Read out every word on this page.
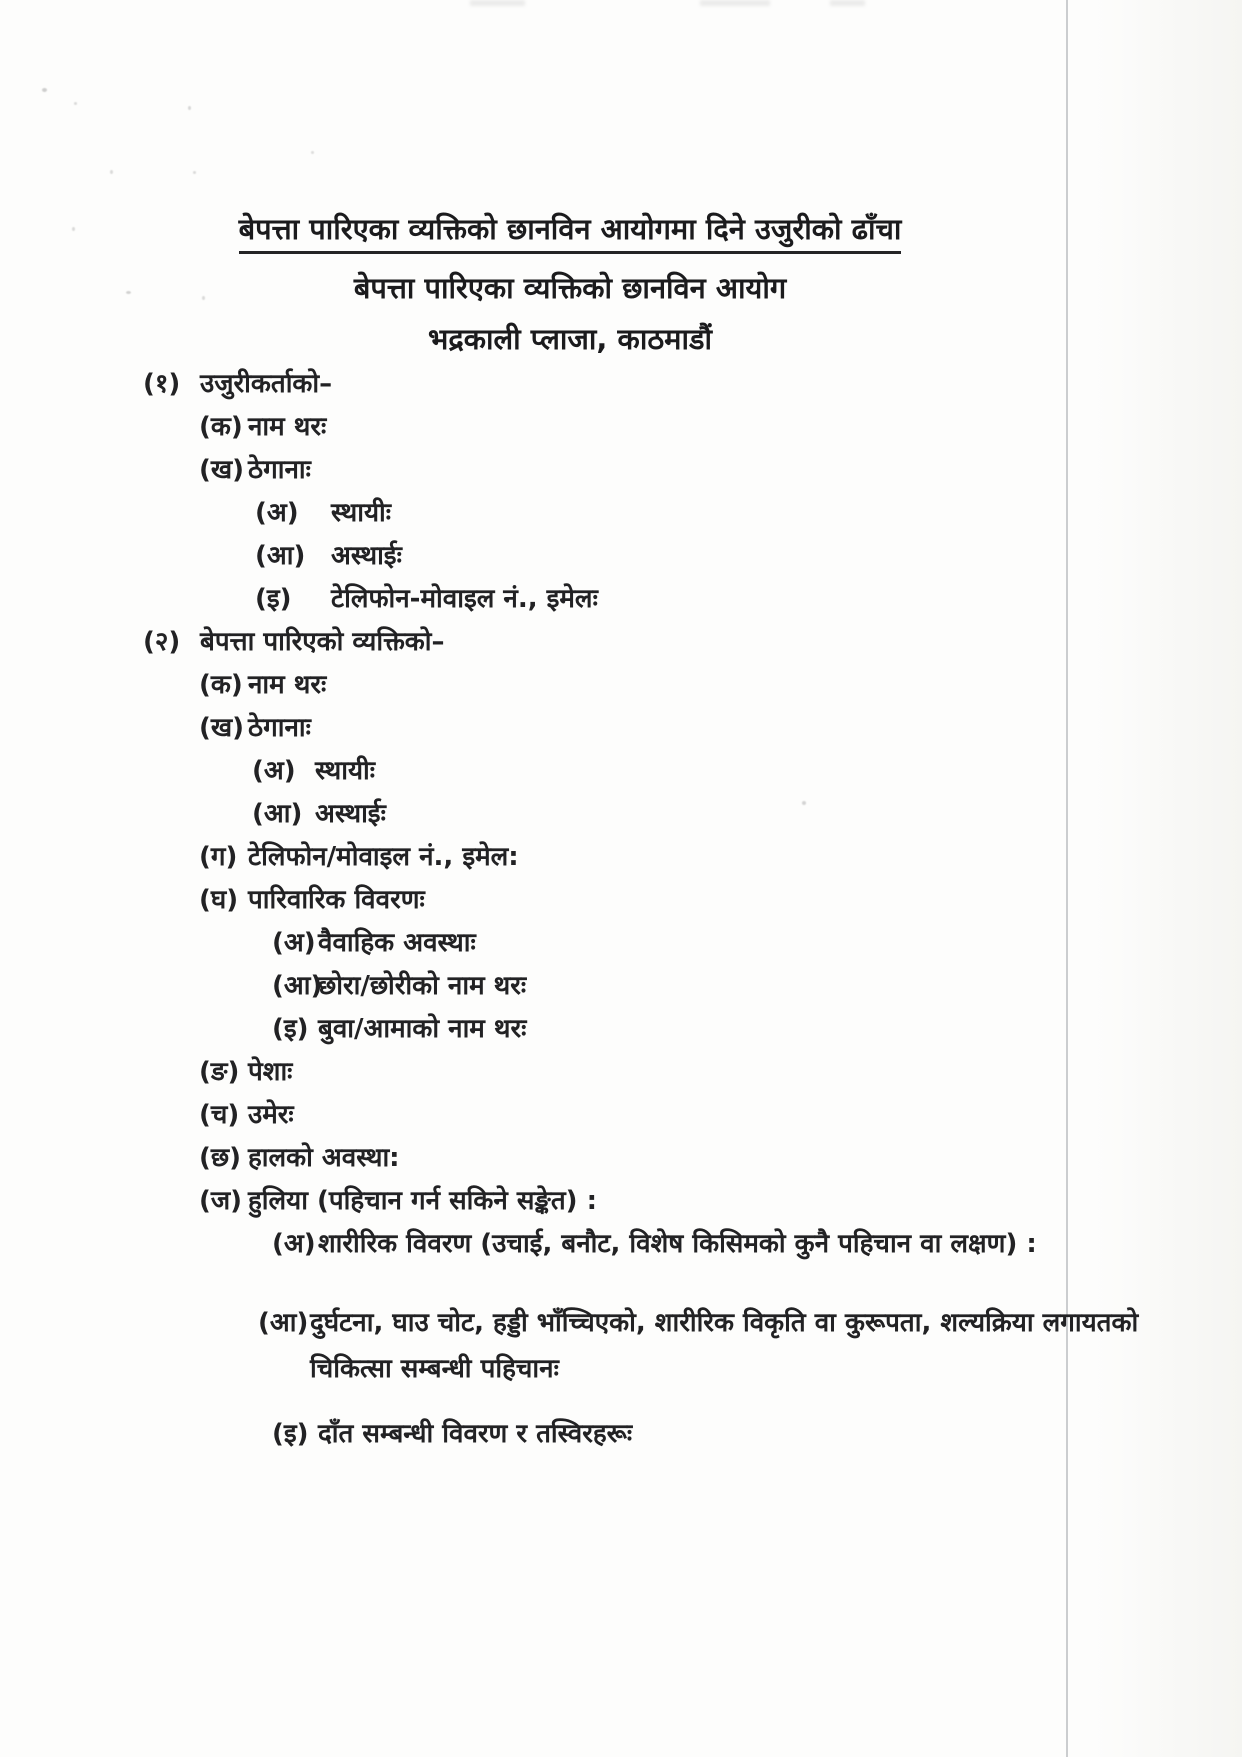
बेपत्ता पारिएका व्यक्तिको छानविन आयोगमा दिने उजुरीको ढाँचा
बेपत्ता पारिएका व्यक्तिको छानविन आयोग
भद्रकाली प्लाजा, काठमाडौं
(१) उजुरीकर्ताको–
(क) नाम थरः
(ख) ठेगानाः
(अ)	स्थायीः
(आ) अस्थाईः
(इ)	टेलिफोन-मोवाइल नं., इमेलः
(२) बेपत्ता पारिएको व्यक्तिको–
(क) नाम थरः
(ख) ठेगानाः
(अ) स्थायीः
(आ) अस्थाईः
(ग) टेलिफोन/मोवाइल नं., इमेल:
(घ) पारिवारिक विवरणः
(अ) वैवाहिक अवस्थाः
(आ)
छोरा/छोरीको नाम थरः
(इ) बुवा/आमाको नाम थरः
(ङ) पेशाः
(च) उमेरः
(छ) हालको अवस्था:
(ज) हुलिया (पहिचान गर्न सकिने सङ्केत) :
(अ) शारीरिक विवरण (उचाई, बनौट, विशेष किसिमको कुनै पहिचान वा लक्षण) :
(आ) दुर्घटना, घाउ चोट, हड्डी भाँच्चिएको, शारीरिक विकृति वा कुरूपता, शल्यक्रिया लगायतको
चिकित्सा सम्बन्धी पहिचानः
(इ) दाँत सम्बन्धी विवरण र तस्विरहरूः
